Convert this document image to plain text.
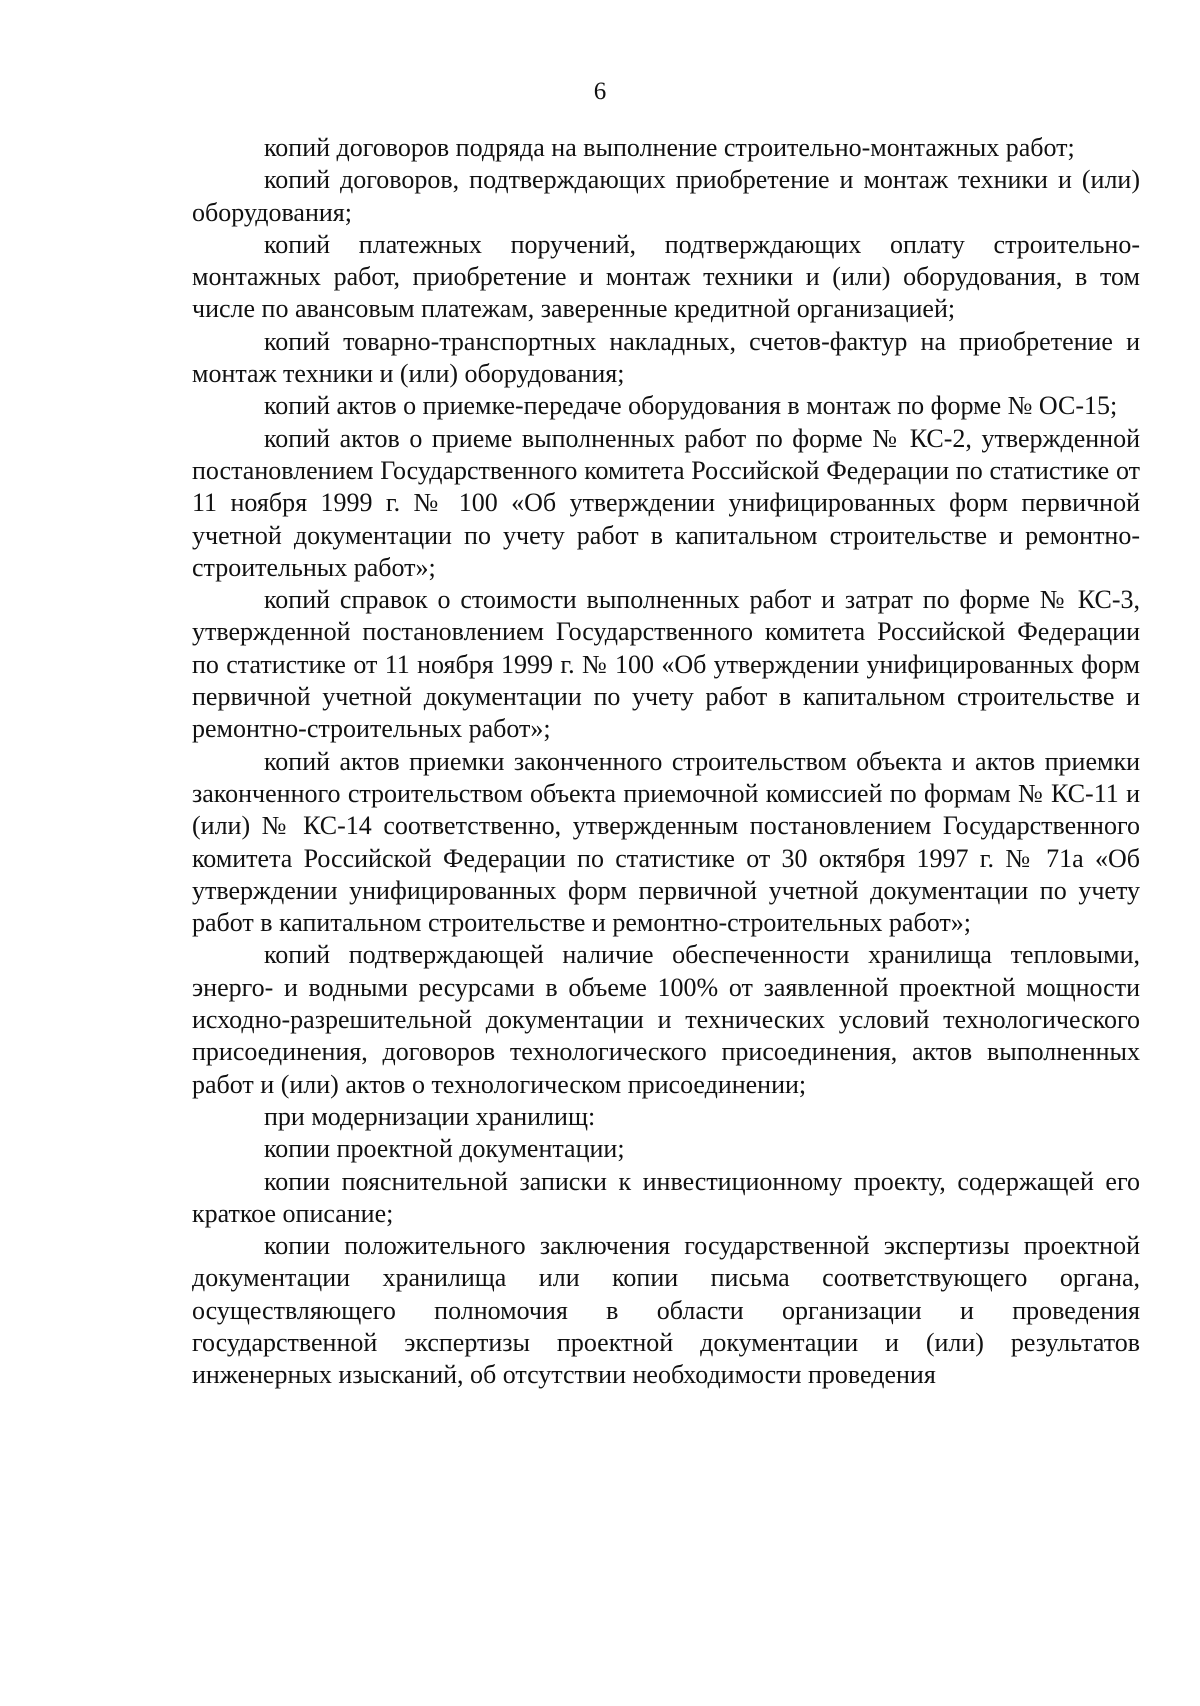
6

копий договоров подряда на выполнение строительно-монтажных работ;

копий договоров, подтверждающих приобретение и монтаж техники и (или) оборудования;

копий платежных поручений, подтверждающих оплату строительно-монтажных работ, приобретение и монтаж техники и (или) оборудования, в том числе по авансовым платежам, заверенные кредитной организацией;

копий товарно-транспортных накладных, счетов-фактур на приобретение и монтаж техники и (или) оборудования;

копий актов о приемке-передаче оборудования в монтаж по форме № ОС-15;

копий актов о приеме выполненных работ по форме № КС-2, утвержденной постановлением Государственного комитета Российской Федерации по статистике от 11 ноября 1999 г. № 100 «Об утверждении унифицированных форм первичной учетной документации по учету работ в капитальном строительстве и ремонтно-строительных работ»;

копий справок о стоимости выполненных работ и затрат по форме № КС-3, утвержденной постановлением Государственного комитета Российской Федерации по статистике от 11 ноября 1999 г. № 100 «Об утверждении унифицированных форм первичной учетной документации по учету работ в капитальном строительстве и ремонтно-строительных работ»;

копий актов приемки законченного строительством объекта и актов приемки законченного строительством объекта приемочной комиссией по формам № КС-11 и (или) № КС-14 соответственно, утвержденным постановлением Государственного комитета Российской Федерации по статистике от 30 октября 1997 г. № 71а «Об утверждении унифицированных форм первичной учетной документации по учету работ в капитальном строительстве и ремонтно-строительных работ»;

копий подтверждающей наличие обеспеченности хранилища тепловыми, энерго- и водными ресурсами в объеме 100% от заявленной проектной мощности исходно-разрешительной документации и технических условий технологического присоединения, договоров технологического присоединения, актов выполненных работ и (или) актов о технологическом присоединении;

при модернизации хранилищ:

копии проектной документации;

копии пояснительной записки к инвестиционному проекту, содержащей его краткое описание;

копии положительного заключения государственной экспертизы проектной документации хранилища или копии письма соответствующего органа, осуществляющего полномочия в области организации и проведения государственной экспертизы проектной документации и (или) результатов инженерных изысканий, об отсутствии необходимости проведения
